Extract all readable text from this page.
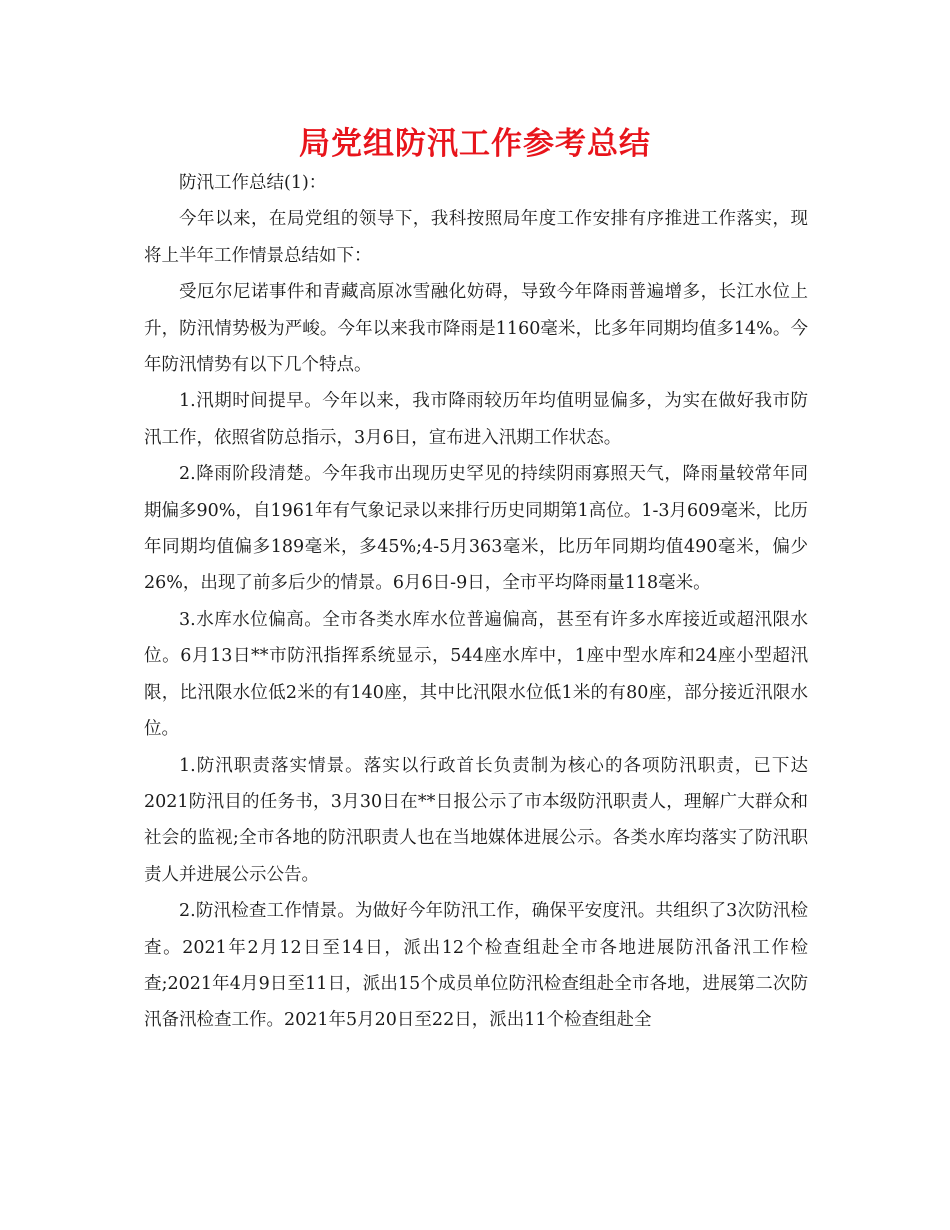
局党组防汛工作参考总结

防汛工作总结(1)：

今年以来，在局党组的领导下，我科按照局年度工作安排有序推进工作落实，现将上半年工作情景总结如下：

受厄尔尼诺事件和青藏高原冰雪融化妨碍，导致今年降雨普遍增多，长江水位上升，防汛情势极为严峻。今年以来我市降雨是1160毫米，比多年同期均值多14%。今年防汛情势有以下几个特点。

1.汛期时间提早。今年以来，我市降雨较历年均值明显偏多，为实在做好我市防汛工作，依照省防总指示，3月6日，宣布进入汛期工作状态。

2.降雨阶段清楚。今年我市出现历史罕见的持续阴雨寡照天气，降雨量较常年同期偏多90%，自1961年有气象记录以来排行历史同期第1高位。1-3月609毫米，比历年同期均值偏多189毫米，多45%;4-5月363毫米，比历年同期均值490毫米，偏少26%，出现了前多后少的情景。6月6日-9日，全市平均降雨量118毫米。

3.水库水位偏高。全市各类水库水位普遍偏高，甚至有许多水库接近或超汛限水位。6月13日**市防汛指挥系统显示，544座水库中，1座中型水库和24座小型超汛限，比汛限水位低2米的有140座，其中比汛限水位低1米的有80座，部分接近汛限水位。

1.防汛职责落实情景。落实以行政首长负责制为核心的各项防汛职责，已下达2021防汛目的任务书，3月30日在**日报公示了市本级防汛职责人，理解广大群众和社会的监视;全市各地的防汛职责人也在当地媒体进展公示。各类水库均落实了防汛职责人并进展公示公告。

2.防汛检查工作情景。为做好今年防汛工作，确保平安度汛。共组织了3次防汛检查。2021年2月12日至14日，派出12个检查组赴全市各地进展防汛备汛工作检查;2021年4月9日至11日，派出15个成员单位防汛检查组赴全市各地，进展第二次防汛备汛检查工作。2021年5月20日至22日，派出11个检查组赴全
